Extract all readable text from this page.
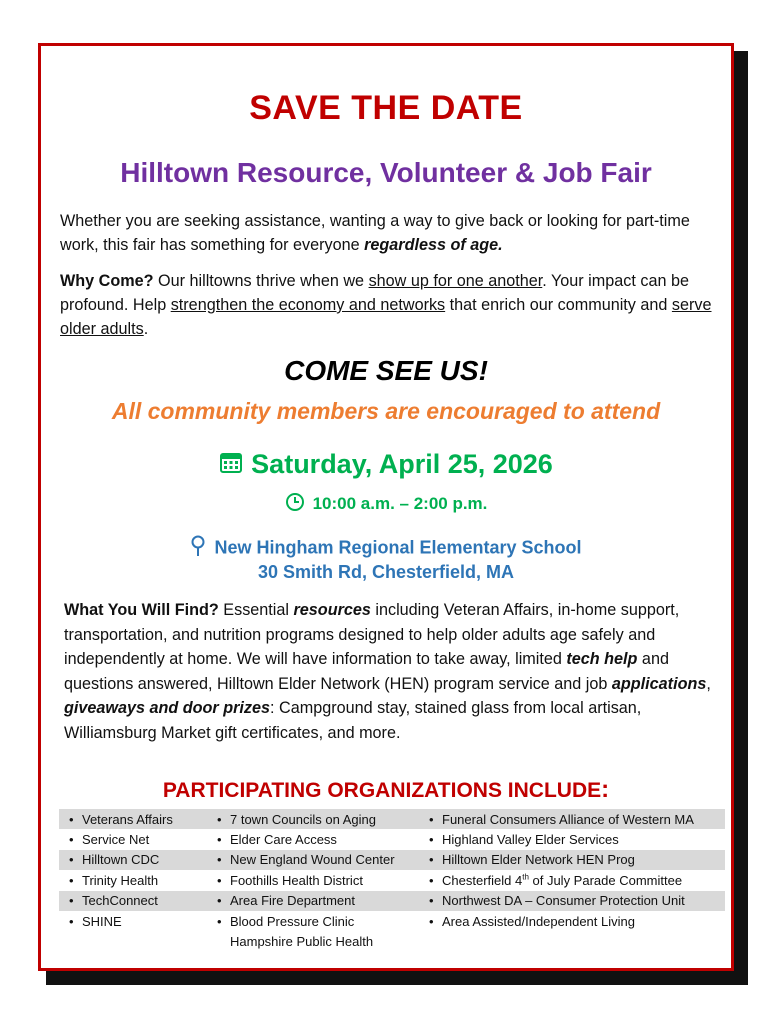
SAVE THE DATE
Hilltown Resource, Volunteer & Job Fair
Whether you are seeking assistance, wanting a way to give back or looking for part-time work, this fair has something for everyone regardless of age.
Why Come? Our hilltowns thrive when we show up for one another. Your impact can be profound. Help strengthen the economy and networks that enrich our community and serve older adults.
COME SEE US!
All community members are encouraged to attend
Saturday, April 25, 2026
10:00 a.m. – 2:00 p.m.
New Hingham Regional Elementary School
30 Smith Rd, Chesterfield, MA
What You Will Find? Essential resources including Veteran Affairs, in-home support, transportation, and nutrition programs designed to help older adults age safely and independently at home. We will have information to take away, limited tech help and questions answered, Hilltown Elder Network (HEN) program service and job applications, giveaways and door prizes: Campground stay, stained glass from local artisan, Williamsburg Market gift certificates, and more.
PARTICIPATING ORGANIZATIONS INCLUDE:
• Veterans Affairs	• 7 town Councils on Aging	• Funeral Consumers Alliance of Western MA
• Service Net	• Elder Care Access	• Highland Valley Elder Services
• Hilltown CDC	• New England Wound Center	• Hilltown Elder Network HEN Prog
• Trinity Health	• Foothills Health District	• Chesterfield 4th of July Parade Committee
• TechConnect	• Area Fire Department	• Northwest DA – Consumer Protection Unit
• SHINE	• Blood Pressure Clinic	• Area Assisted/Independent Living
Hampshire Public Health
